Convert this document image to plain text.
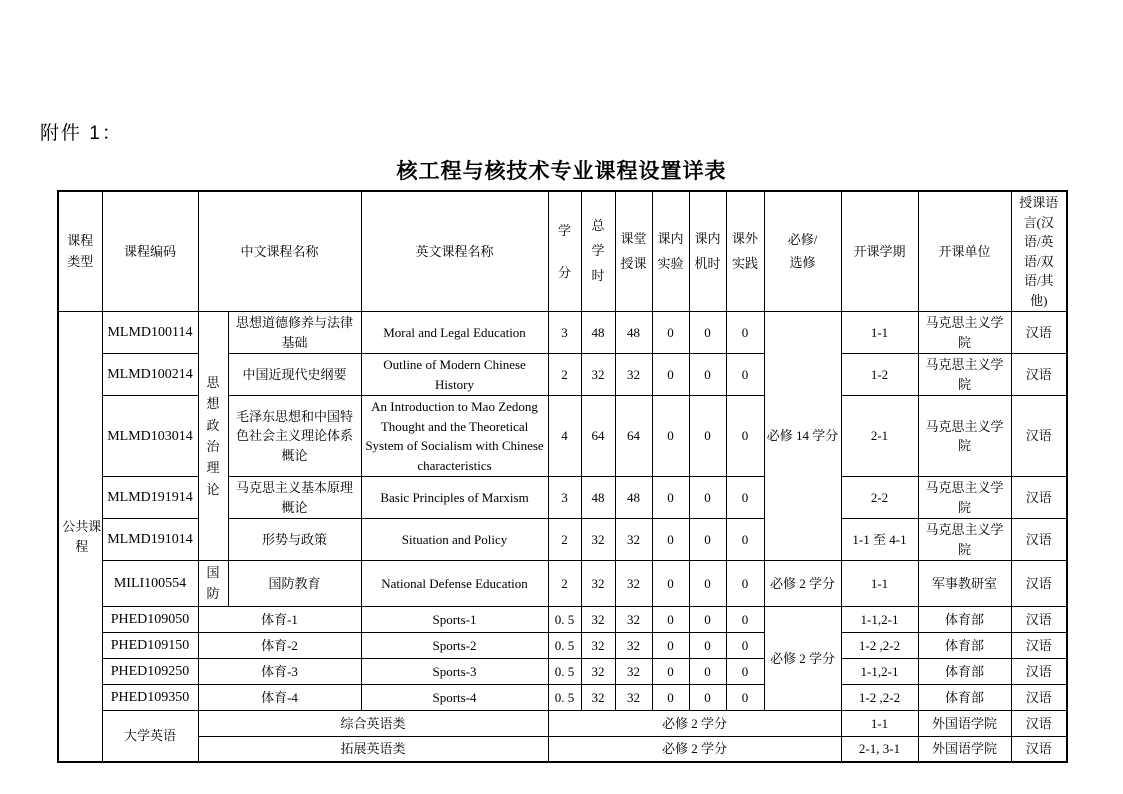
附件 1：
核工程与核技术专业课程设置详表
课程类型	课程编码	中文课程名称		英文课程名称	学分	总学时	课堂授课	课内实验	课内机时	课外实践	必修/选修	开课学期	开课单位	授课语言(汉语/英语/双语/其他)
公共课程	MLMD100114	思想政治理论	思想道德修养与法律基础	Moral and Legal Education	3	48	48	0	0	0	必修 14 学分	1-1	马克思主义学院	汉语
	MLMD100214		中国近现代史纲要	Outline of Modern Chinese History	2	32	32	0	0	0		1-2	马克思主义学院	汉语
	MLMD103014		毛泽东思想和中国特色社会主义理论体系概论	An Introduction to Mao Zedong Thought and the Theoretical System of Socialism with Chinese characteristics	4	64	64	0	0	0		2-1	马克思主义学院	汉语
	MLMD191914		马克思主义基本原理概论	Basic Principles of Marxism	3	48	48	0	0	0		2-2	马克思主义学院	汉语
	MLMD191014		形势与政策	Situation and Policy	2	32	32	0	0	0		1-1 至 4-1	马克思主义学院	汉语
	MILI100554	国防	国防教育	National Defense Education	2	32	32	0	0	0	必修 2 学分	1-1	军事教研室	汉语
	PHED109050	体育-1		Sports-1	0. 5	32	32	0	0	0	必修 2 学分	1-1,2-1	体育部	汉语
	PHED109150	体育-2		Sports-2	0. 5	32	32	0	0	0		1-2 ,2-2	体育部	汉语
	PHED109250	体育-3		Sports-3	0. 5	32	32	0	0	0		1-1,2-1	体育部	汉语
	PHED109350	体育-4		Sports-4	0. 5	32	32	0	0	0		1-2 ,2-2	体育部	汉语
	大学英语	综合英语类			必修 2 学分							1-1	外国语学院	汉语
		拓展英语类			必修 2 学分							2-1, 3-1	外国语学院	汉语
